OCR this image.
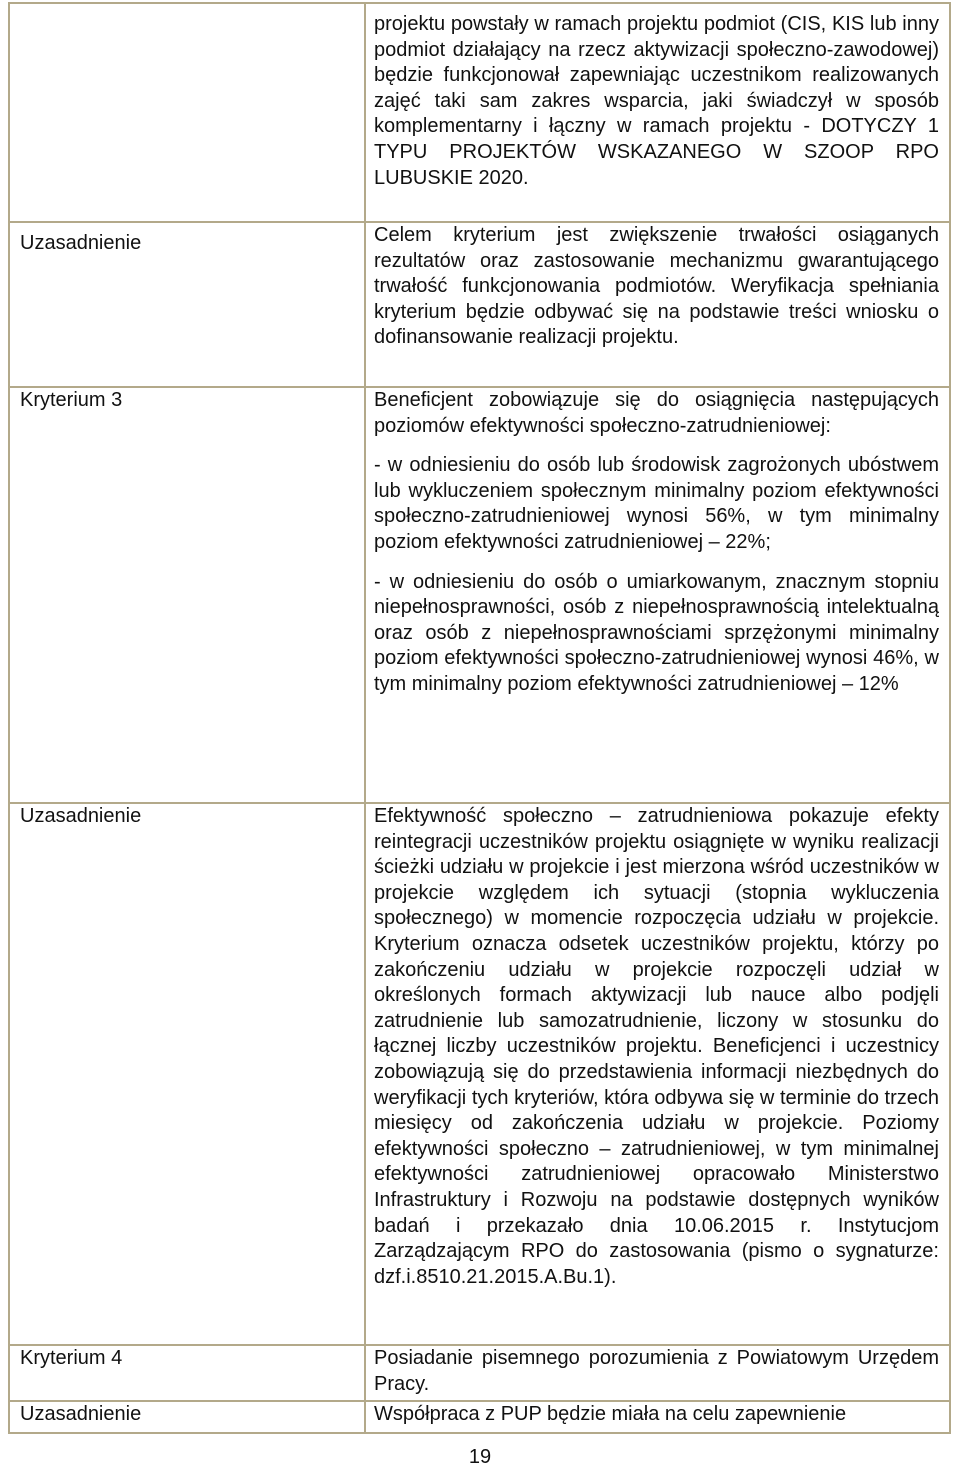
	projektu powstały w ramach projektu podmiot (CIS, KIS lub inny podmiot działający na rzecz aktywizacji społeczno-zawodowej) będzie funkcjonował zapewniając uczestnikom realizowanych zajęć taki sam zakres wsparcia, jaki świadczył w sposób komplementarny i łączny w ramach projektu - DOTYCZY 1 TYPU PROJEKTÓW WSKAZANEGO W SZOOP RPO LUBUSKIE 2020.

Uzasadnienie	Celem kryterium jest zwiększenie trwałości osiąganych rezultatów oraz zastosowanie mechanizmu gwarantującego trwałość funkcjonowania podmiotów. Weryfikacja spełniania kryterium będzie odbywać się na podstawie treści wniosku o dofinansowanie realizacji projektu.

Kryterium 3	Beneficjent zobowiązuje się do osiągnięcia następujących poziomów efektywności społeczno-zatrudnieniowej:

- w odniesieniu do osób lub środowisk zagrożonych ubóstwem lub wykluczeniem społecznym minimalny poziom efektywności społeczno-zatrudnieniowej wynosi 56%, w tym minimalny poziom efektywności zatrudnieniowej – 22%;

- w odniesieniu do osób o umiarkowanym, znacznym stopniu niepełnosprawności, osób z niepełnosprawnością intelektualną oraz osób z niepełnosprawnościami sprzężonymi minimalny poziom efektywności społeczno-zatrudnieniowej wynosi 46%, w tym minimalny poziom efektywności zatrudnieniowej – 12%

Uzasadnienie	Efektywność społeczno – zatrudnieniowa pokazuje efekty reintegracji uczestników projektu osiągnięte w wyniku realizacji ścieżki udziału w projekcie i jest mierzona wśród uczestników w projekcie względem ich sytuacji (stopnia wykluczenia społecznego) w momencie rozpoczęcia udziału w projekcie. Kryterium oznacza odsetek uczestników projektu, którzy po zakończeniu udziału w projekcie rozpoczęli udział w określonych formach aktywizacji lub nauce albo podjęli zatrudnienie lub samozatrudnienie, liczony w stosunku do łącznej liczby uczestników projektu. Beneficjenci i uczestnicy zobowiązują się do przedstawienia informacji niezbędnych do weryfikacji tych kryteriów, która odbywa się w terminie do trzech miesięcy od zakończenia udziału w projekcie. Poziomy efektywności społeczno – zatrudnieniowej, w tym minimalnej efektywności zatrudnieniowej opracowało Ministerstwo Infrastruktury i Rozwoju na podstawie dostępnych wyników badań i przekazało dnia 10.06.2015 r. Instytucjom Zarządzającym RPO do zastosowania (pismo o sygnaturze: dzf.i.8510.21.2015.A.Bu.1).

Kryterium 4	Posiadanie pisemnego porozumienia z Powiatowym Urzędem Pracy.

Uzasadnienie	Współpraca z PUP będzie miała na celu zapewnienie

19
